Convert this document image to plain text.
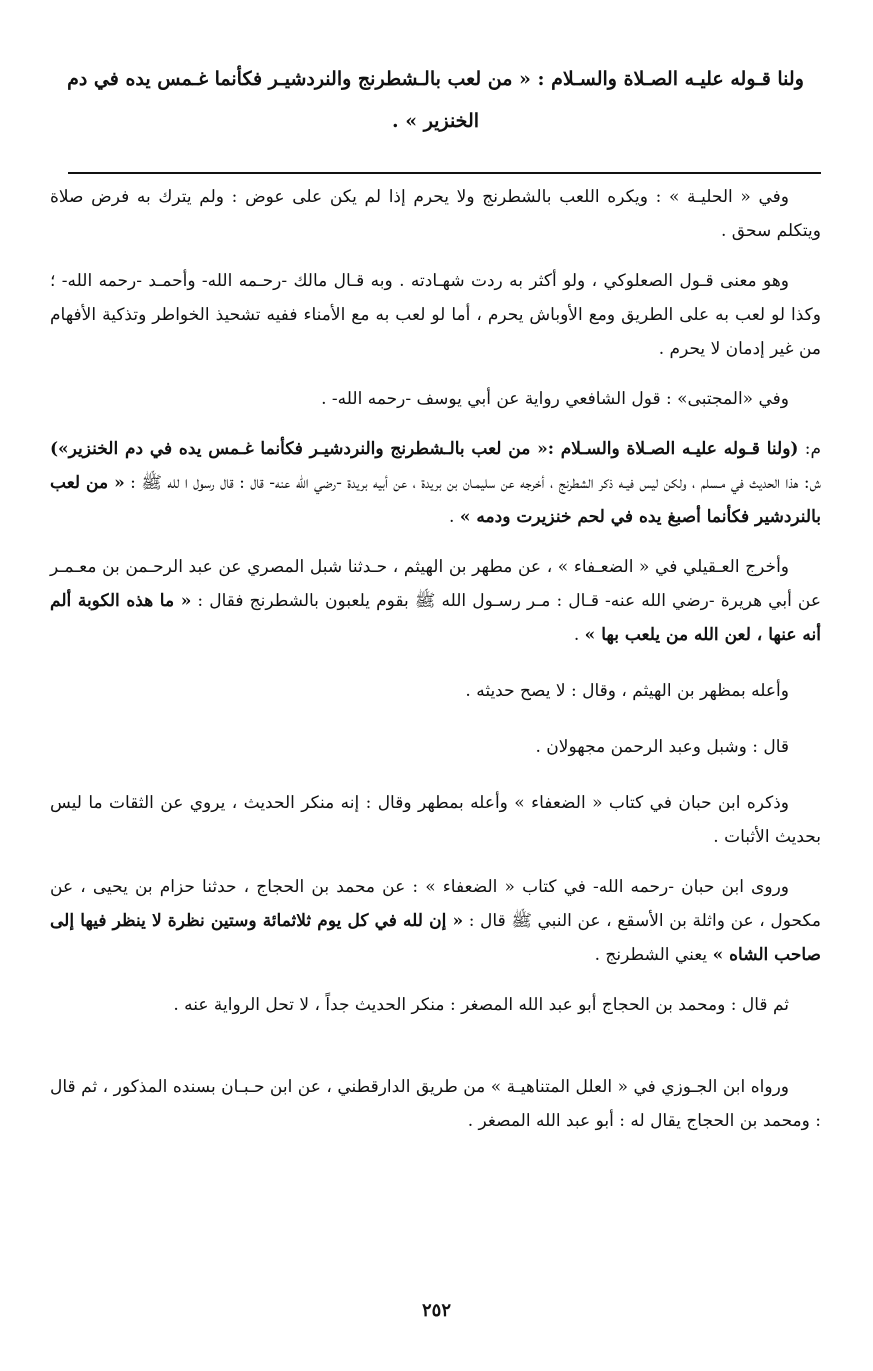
ولنا قـوله عليـه الصـلاة والسـلام : « من لعب بالـشطرنج والنردشيـر فكأنما غـمس يده في دم الخنزير » .

وفي « الحليـة » : ويكره اللعب بالشطرنج ولا يحرم إذا لم يكن على عوض : ولم يترك به فرض صلاة ويتكلم سحق .

وهو معنى قـول الصعلوكي ، ولو أكثر به ردت شهـادته . وبه قـال مالك -رحـمه الله- وأحمـد -رحمه الله- ؛ وكذا لو لعب به على الطريق ومع الأوباش يحرم ، أما لو لعب به مع الأمناء ففيه تشحيذ الخواطر وتذكية الأفهام من غير إدمان لا يحرم .

وفي «المجتبى» : قول الشافعي رواية عن أبي يوسف -رحمه الله- .

م: (ولنا قـوله عليـه الصـلاة والسـلام :« من لعب بالـشطرنج والنردشيـر فكأنما غـمس يده في دم الخنزير») ش: هذا الحديث في مـسلم ، ولكن ليس فيـه ذكر الشطرنج ، أخرجه عن سليمـان بن بريدة ، عن أبيه بريدة -رضي الله عنه- قال : قال رسول ا لله ﷺ : « من لعب بالنردشير فكأنما أصبغ يده في لحم خنزيرت ودمه » .

وأخرج العـقيلي في « الضعـفاء » ، عن مطهر بن الهيثم ، حـدثنا شبل المصري عن عبد الرحـمن بن معـمـر عن أبي هريرة -رضي الله عنه- قـال : مـر رسـول الله ﷺ بقوم يلعبون بالشطرنج فقال : « ما هذه الكوبة ألم أنه عنها ، لعن الله من يلعب بها » .

وأعله بمظهر بن الهيثم ، وقال : لا يصح حديثه .

قال : وشبل وعبد الرحمن مجهولان .

وذكره ابن حبان في كتاب « الضعفاء » وأعله بمطهر وقال : إنه منكر الحديث ، يروي عن الثقات ما ليس بحديث الأثبات .

وروى ابن حبان -رحمه الله- في كتاب « الضعفاء » : عن محمد بن الحجاج ، حدثنا حزام بن يحيى ، عن مكحول ، عن واثلة بن الأسقع ، عن النبي ﷺ قال : « إن لله في كل يوم ثلاثمائة وستين نظرة لا ينظر فيها إلى صاحب الشاه » يعني الشطرنج .

ثم قال : ومحمد بن الحجاج أبو عبد الله المصغر : منكر الحديث جداً ، لا تحل الرواية عنه .

ورواه ابن الجـوزي في « العلل المتناهيـة » من طريق الدارقطني ، عن ابن حـبـان بسنده المذكور ، ثم قال : ومحمد بن الحجاج يقال له : أبو عبد الله المصغر .

٢٥٢
